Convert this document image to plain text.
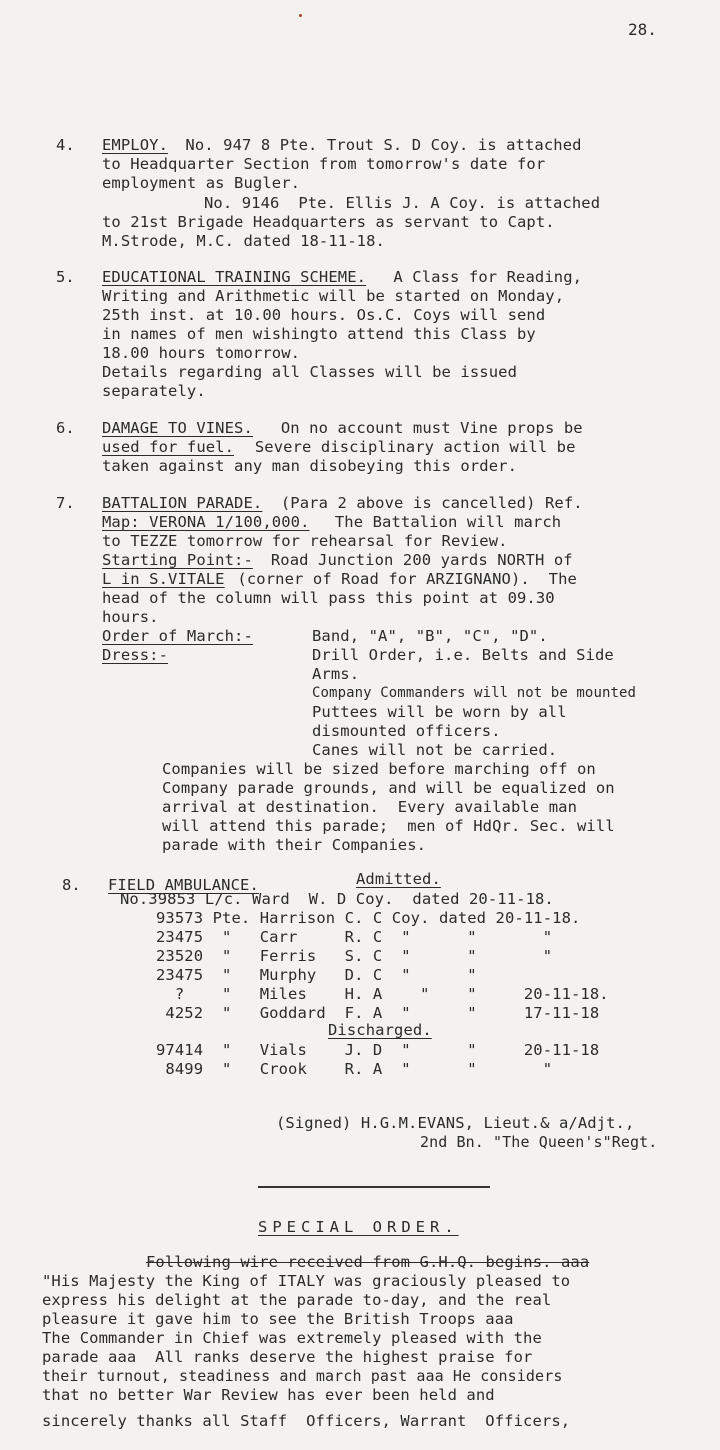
28.
4. EMPLOY. No. 947 8 Pte. Trout S. D Coy. is attached
to Headquarter Section from tomorrow's date for
employment as Bugler.
No. 9146  Pte. Ellis J. A Coy. is attached
to 21st Brigade Headquarters as servant to Capt.
M.Strode, M.C. dated 18-11-18.
5. EDUCATIONAL TRAINING SCHEME. A Class for Reading,
Writing and Arithmetic will be started on Monday,
25th inst. at 10.00 hours. Os.C. Coys will send
in names of men wishingto attend this Class by
18.00 hours tomorrow.
Details regarding all Classes will be issued
separately.
6. DAMAGE TO VINES. On no account must Vine props be
used for fuel. Severe disciplinary action will be
taken against any man disobeying this order.
7. BATTALION PARADE. (Para 2 above is cancelled) Ref.
Map: VERONA 1/100,000. The Battalion will march
to TEZZE tomorrow for rehearsal for Review.
Starting Point:- Road Junction 200 yards NORTH of
L in S.VITALE (corner of Road for ARZIGNANO).  The
head of the column will pass this point at 09.30
hours.
Order of March:-	Band, "A", "B", "C", "D".
Dress:-	Drill Order, i.e. Belts and Side
Arms.
Company Commanders will not be mounted
Puttees will be worn by all
dismounted officers.
Canes will not be carried.
Companies will be sized before marching off on
Company parade grounds, and will be equalized on
arrival at destination.  Every available man
will attend this parade;  men of HdQr. Sec. will
parade with their Companies.
Admitted.
8. FIELD AMBULANCE.
No.39853 L/c. Ward  W. D Coy.  dated 20-11-18.
93573 Pte. Harrison C. C Coy. dated 20-11-18.
23475  "   Carr     R. C  "      "       "
23520  "   Ferris   S. C  "      "       "
23475  "   Murphy   D. C  "      "
?    "   Miles    H. A    "    "     20-11-18.
4252  "   Goddard  F. A  "      "     17-11-18
Discharged.
97414  "   Vials    J. D  "      "     20-11-18
8499  "   Crook    R. A  "      "       "
(Signed) H.G.M.EVANS, Lieut.& a/Adjt.,
2nd Bn. "The Queen's"Regt.
SPECIAL ORDER.
Following wire received from G.H.Q. begins. aaa
"His Majesty the King of ITALY was graciously pleased to
express his delight at the parade to-day, and the real
pleasure it gave him to see the British Troops aaa
The Commander in Chief was extremely pleased with the
parade aaa  All ranks deserve the highest praise for
their turnout, steadiness and march past aaa He considers
that no better War Review has ever been held and
sincerely thanks all Staff  Officers, Warrant  Officers,
